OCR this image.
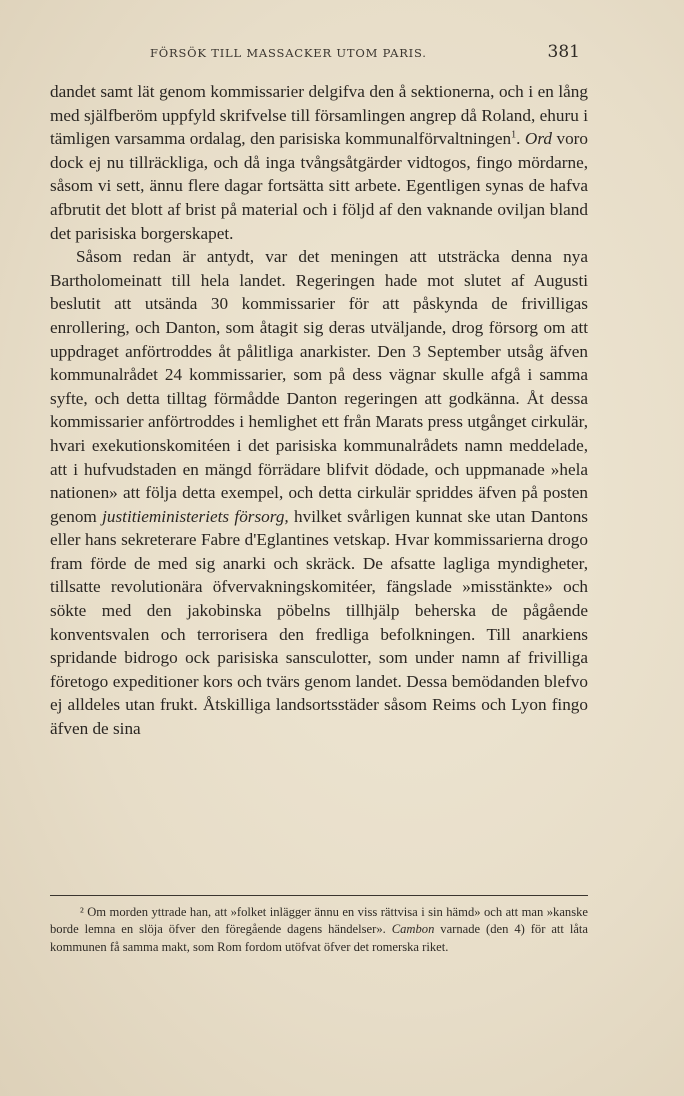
FÖRSÖK TILL MASSACKER UTOM PARIS.	381

dandet samt lät genom kommissarier delgifva den å sektionerna, och i en lång med själfberöm uppfyld skrifvelse till församlingen angrep då Roland, ehuru i tämligen varsamma ordalag, den parisiska kommunalförvaltningen$^1$. Ord voro dock ej nu tillräckliga, och då inga tvångsåtgärder vidtogos, fingo mördarne, såsom vi sett, ännu flere dagar fortsätta sitt arbete. Egentligen synas de hafva afbrutit det blott af brist på material och i följd af den vaknande oviljan bland det parisiska borgerskapet.

Såsom redan är antydt, var det meningen att utsträcka denna nya Bartholomeinatt till hela landet. Regeringen hade mot slutet af Augusti beslutit att utsända 30 kommissarier för att påskynda de frivilligas enrollering, och Danton, som åtagit sig deras utväljande, drog försorg om att uppdraget anförtroddes åt pålitliga anarkister. Den 3 September utsåg äfven kommunalrådet 24 kommissarier, som på dess vägnar skulle afgå i samma syfte, och detta tilltag förmådde Danton regeringen att godkänna. Åt dessa kommissarier anförtroddes i hemlighet ett från Marats press utgånget cirkulär, hvari exekutionskomitéen i det parisiska kommunalrådets namn meddelade, att i hufvudstaden en mängd förrädare blifvit dödade, och uppmanade »hela nationen» att följa detta exempel, och detta cirkulär spriddes äfven på posten genom justitieministeriets försorg, hvilket svårligen kunnat ske utan Dantons eller hans sekreterare Fabre d'Eglantines vetskap. Hvar kommissarierna drogo fram förde de med sig anarki och skräck. De afsatte lagliga myndigheter, tillsatte revolutionära öfvervakningskomitéer, fängslade »misstänkte» och sökte med den jakobinska pöbelns tillhjälp beherska de pågående konventsvalen och terrorisera den fredliga befolkningen. Till anarkiens spridande bidrogo ock parisiska sansculotter, som under namn af frivilliga företogo expeditioner kors och tvärs genom landet. Dessa bemödanden blefvo ej alldeles utan frukt. Åtskilliga landsortsstäder såsom Reims och Lyon fingo äfven de sina

² Om morden yttrade han, att »folket inlägger ännu en viss rättvisa i sin hämd» och att man »kanske borde lemna en slöja öfver den föregående dagens händelser». Cambon varnade (den 4) för att låta kommunen få samma makt, som Rom fordom utöfvat öfver det romerska riket.
